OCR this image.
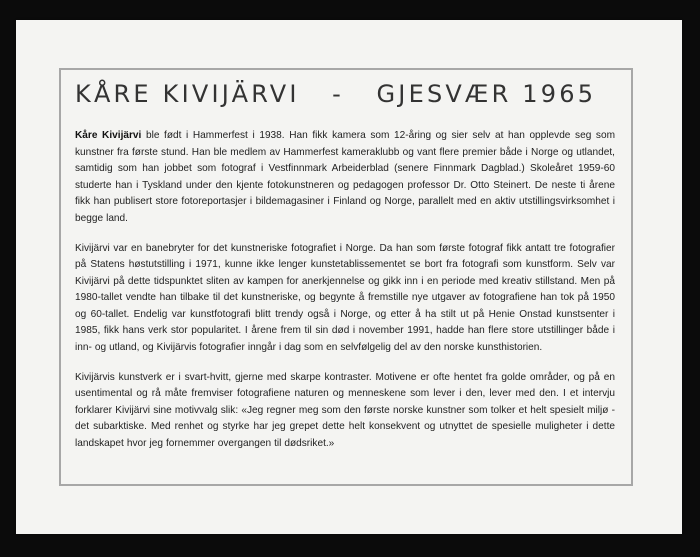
KÅRE KIVIJÄRVI   -   GJESVÆR 1965

Kåre Kivijärvi ble født i Hammerfest i 1938. Han fikk kamera som 12-åring og sier selv at han opplevde seg som kunstner fra første stund. Han ble medlem av Hammerfest kameraklubb og vant flere premier både i Norge og utlandet, samtidig som han jobbet som fotograf i Vestfinnmark Arbeiderblad (senere Finnmark Dagblad.) Skoleåret 1959-60 studerte han i Tyskland under den kjente fotokunstneren og pedagogen professor Dr. Otto Steinert. De neste ti årene fikk han publisert store fotoreportasjer i bildemagasiner i Finland og Norge, parallelt med en aktiv utstillingsvirksomhet i begge land.

Kivijärvi var en banebryter for det kunstneriske fotografiet i Norge. Da han som første fotograf fikk antatt tre fotografier på Statens høstutstilling i 1971, kunne ikke lenger kunstetablissementet se bort fra fotografi som kunstform. Selv var Kivijärvi på dette tidspunktet sliten av kampen for anerkjennelse og gikk inn i en periode med kreativ stillstand. Men på 1980-tallet vendte han tilbake til det kunstneriske, og begynte å fremstille nye utgaver av fotografiene han tok på 1950 og 60-tallet. Endelig var kunstfotografi blitt trendy også i Norge, og etter å ha stilt ut på Henie Onstad kunstsenter i 1985, fikk hans verk stor popularitet. I årene frem til sin død i november 1991, hadde han flere store utstillinger både i inn- og utland, og Kivijärvis fotografier inngår i dag som en selvfølgelig del av den norske kunsthistorien.

Kivijärvis kunstverk er i svart-hvitt, gjerne med skarpe kontraster. Motivene er ofte hentet fra golde områder, og på en usentimental og rå måte fremviser fotografiene naturen og menneskene som lever i den, lever med den. I et intervju forklarer Kivijärvi sine motivvalg slik: «Jeg regner meg som den første norske kunstner som tolker et helt spesielt miljø - det subarktiske. Med renhet og styrke har jeg grepet dette helt konsekvent og utnyttet de spesielle muligheter i dette landskapet hvor jeg fornemmer overgangen til dødsriket.»
